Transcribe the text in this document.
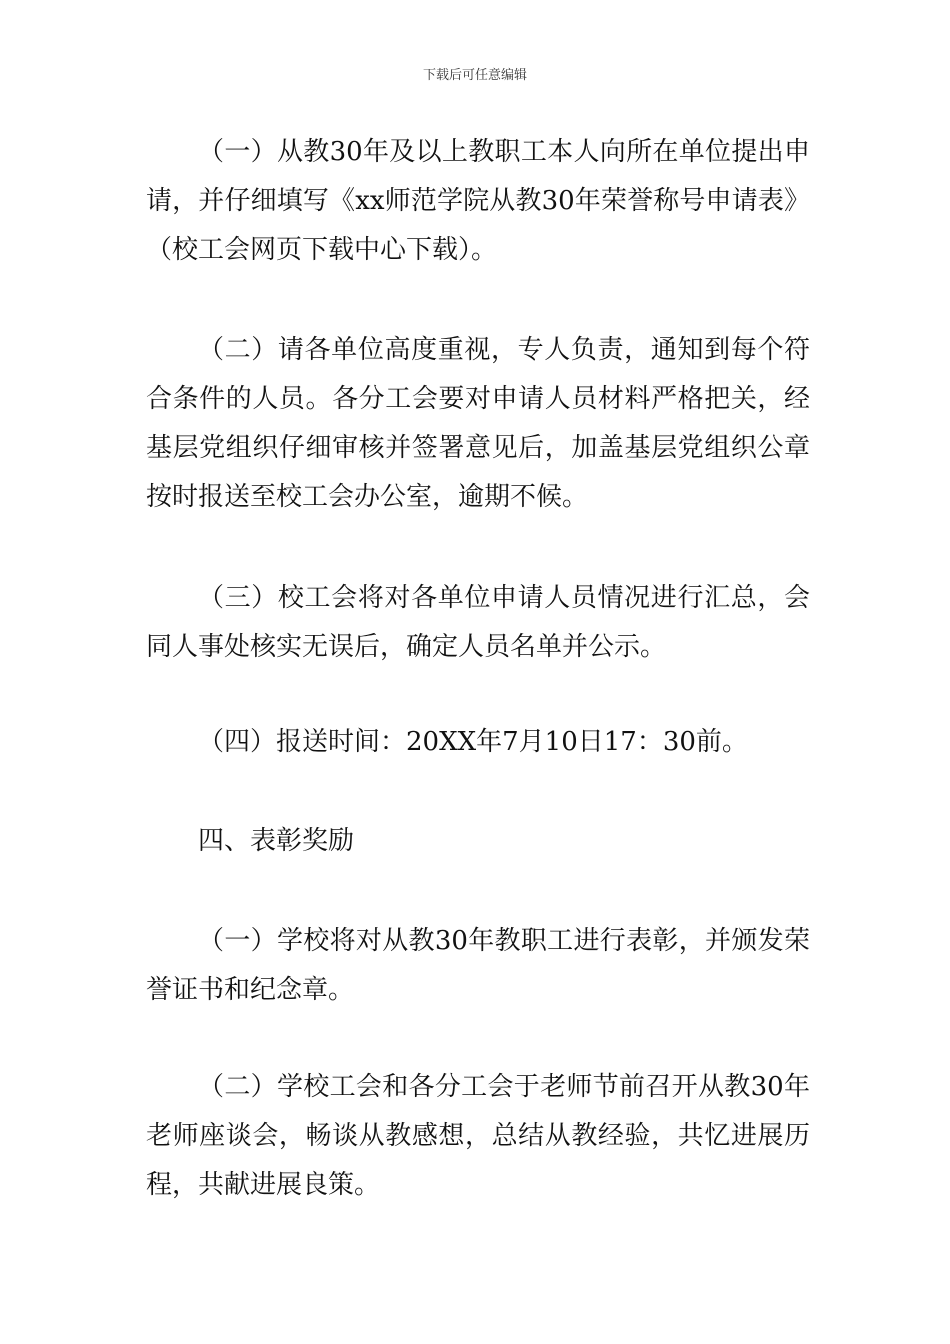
下载后可任意编辑

（一）从教30年及以上教职工本人向所在单位提出申请，并仔细填写《xx师范学院从教30年荣誉称号申请表》（校工会网页下载中心下载）。

（二）请各单位高度重视，专人负责，通知到每个符合条件的人员。各分工会要对申请人员材料严格把关，经基层党组织仔细审核并签署意见后，加盖基层党组织公章按时报送至校工会办公室，逾期不候。

（三）校工会将对各单位申请人员情况进行汇总，会同人事处核实无误后，确定人员名单并公示。

（四）报送时间：20XX年7月10日17：30前。

四、表彰奖励

（一）学校将对从教30年教职工进行表彰，并颁发荣誉证书和纪念章。

（二）学校工会和各分工会于老师节前召开从教30年老师座谈会，畅谈从教感想，总结从教经验，共忆进展历程，共献进展良策。
